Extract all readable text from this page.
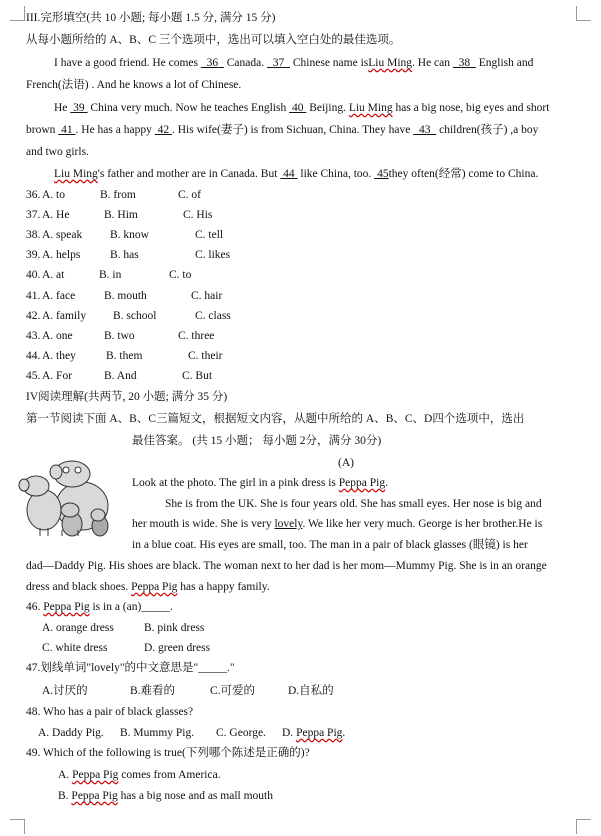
III.完形填空(共 10 小题; 每小题 1.5 分, 满分 15 分)
从每小题所给的 A、B、C 三个选项中，选出可以填入空白处的最佳选项。
I have a good friend. He comes 36 Canada. 37 Chinese name isLiu Ming. He can 38 English and
French(法语) . And he knows a lot of Chinese.
He 39 China very much. Now he teaches English 40 Beijing. Liu Ming has a big nose, big eyes and short
brown 41 . He has a happy 42 . His wife(妻子) is from Sichuan, China. They have 43 children(孩子) ,a boy
and two girls.
Liu Ming's father and mother are in Canada. But 44 like China, too. 45they often(经常) come to China.
36. A. to	B. from	C. of
37. A. He	B. Him	C. His
38. A. speak B. know	C. tell
39. A. helps	B. has	C. likes
40. A. at	B. in	C. to
41. A. face	B. mouth	C. hair
42. A. family B. school	C. class
43. A. one	B. two	C. three
44. A. they	B. them	C. their
45. A. For	B. And	C. But
IV阅读理解(共两节, 20 小题; 满分 35 分)
第一节阅读下面 A、B、C三篇短文，根据短文内容，从题中所给的 A、B、C、D四个选项中，选出
最佳答案。 (共 15 小题； 每小题 2分，满分 30分)
(A)
Look at the photo. The girl in a pink dress is Peppa Pig.
She is from the UK. She is four years old. She has small eyes. Her nose is big and
her mouth is wide. She is very lovely. We like her very much. George is her brother.He is
in a blue coat. His eyes are small, too. The man in a pair of black glasses (眼镜) is her
dad—Daddy Pig. His shoes are black. The woman next to her dad is her mom—Mummy Pig. She is in an orange
dress and black shoes. Peppa Pig has a happy family.
46. Peppa Pig is in a (an)_____.
A. orange dress	B. pink dress
C. white dress	D. green dress
47.划线单词"lovely"的中文意思是"_____."
A.讨厌的	B.难看的	C.可爱的	D.自私的
48. Who has a pair of black glasses?
A. Daddy Pig. B. Mummy Pig. C. George. D. Peppa Pig.
49. Which of the following is true(下列哪个陈述是正确的)?
A. Peppa Pig comes from America.
B. Peppa Pig has a big nose and as mall mouth
